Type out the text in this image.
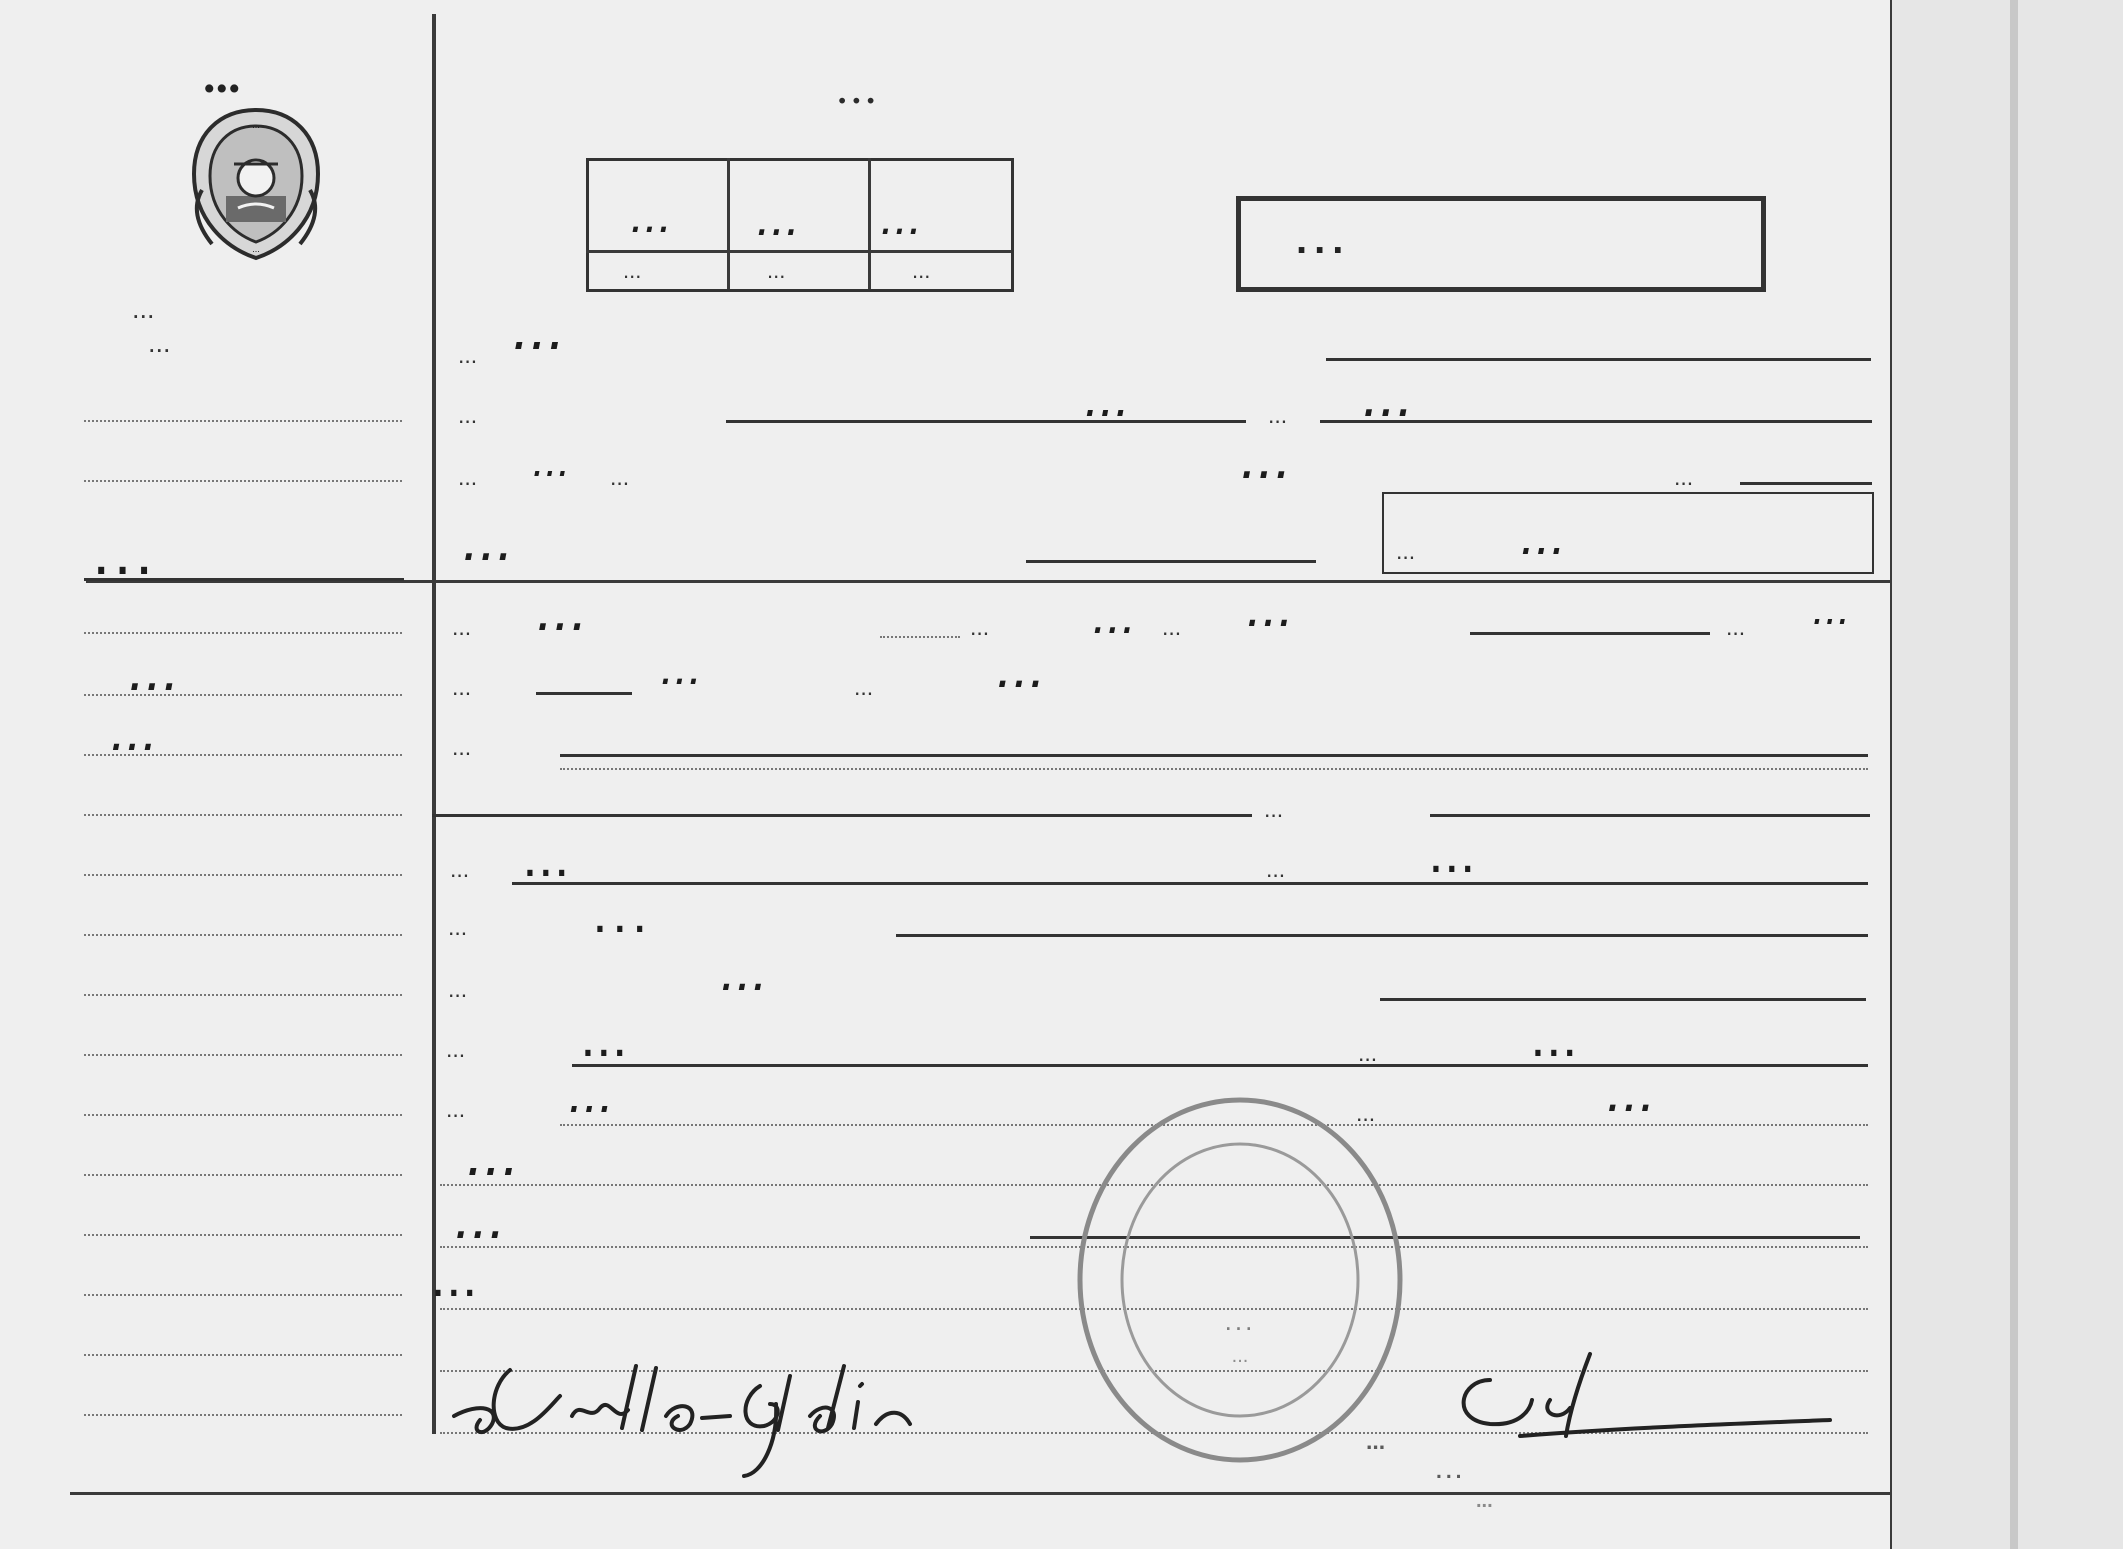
...
...
...
...
...
...
... ... ...
...	...	...
...
...
...
...
... ...
...	...	... ...
... ... ...	...	...
...	... ...
... ...	... ... ... ...	... ...
...	...	... ...
...
...
... ...	...	...
... ...
...	...
... ...	...	...
... ...	...	...
...
...
...
...
...
...
...
...
